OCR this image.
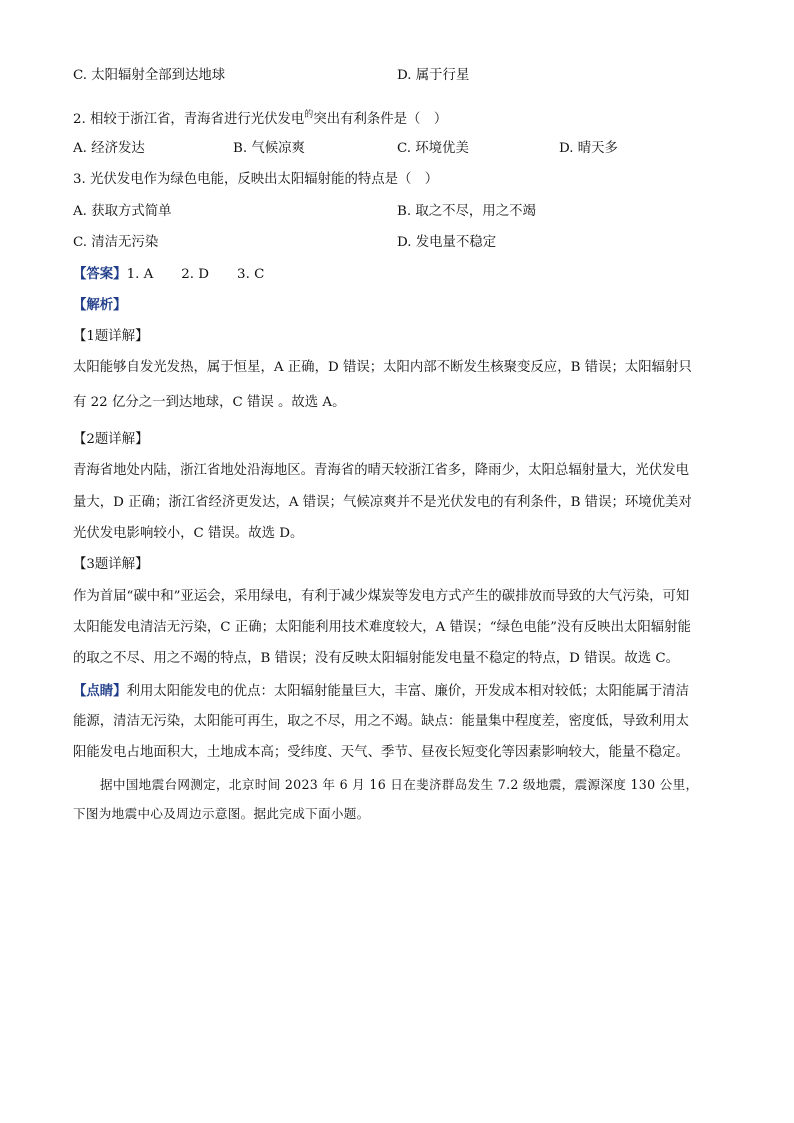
C. 太阳辐射全部到达地球	D. 属于行星
2. 相较于浙江省，青海省进行光伏发电$^的$突出有利条件是（　）
A. 经济发达	B. 气候凉爽	C. 环境优美	D. 晴天多
3. 光伏发电作为绿色电能，反映出太阳辐射能的特点是（　）
A. 获取方式简单	B. 取之不尽，用之不竭
C. 清洁无污染	D. 发电量不稳定
【答案】1. A 2. D 3. C
【解析】
【1题详解】
太阳能够自发光发热，属于恒星，A 正确，D 错误；太阳内部不断发生核聚变反应，B 错误；太阳辐射只
有 22 亿分之一到达地球，C 错误 。故选 A。
【2题详解】
青海省地处内陆，浙江省地处沿海地区。青海省的晴天较浙江省多，降雨少，太阳总辐射量大，光伏发电
量大，D 正确；浙江省经济更发达，A 错误；气候凉爽并不是光伏发电的有利条件，B 错误；环境优美对
光伏发电影响较小，C 错误。故选 D。
【3题详解】
作为首届“碳中和”亚运会，采用绿电，有利于减少煤炭等发电方式产生的碳排放而导致的大气污染，可知
太阳能发电清洁无污染，C 正确；太阳能利用技术难度较大，A 错误；“绿色电能”没有反映出太阳辐射能
的取之不尽、用之不竭的特点，B 错误；没有反映太阳辐射能发电量不稳定的特点，D 错误。故选 C。
【点睛】利用太阳能发电的优点：太阳辐射能量巨大，丰富、廉价，开发成本相对较低；太阳能属于清洁
能源，清洁无污染，太阳能可再生，取之不尽，用之不竭。缺点：能量集中程度差，密度低，导致利用太
阳能发电占地面积大，土地成本高；受纬度、天气、季节、昼夜长短变化等因素影响较大，能量不稳定。
据中国地震台网测定，北京时间 2023 年 6 月 16 日在斐济群岛发生 7.2 级地震，震源深度 130 公里，
下图为地震中心及周边示意图。据此完成下面小题。
